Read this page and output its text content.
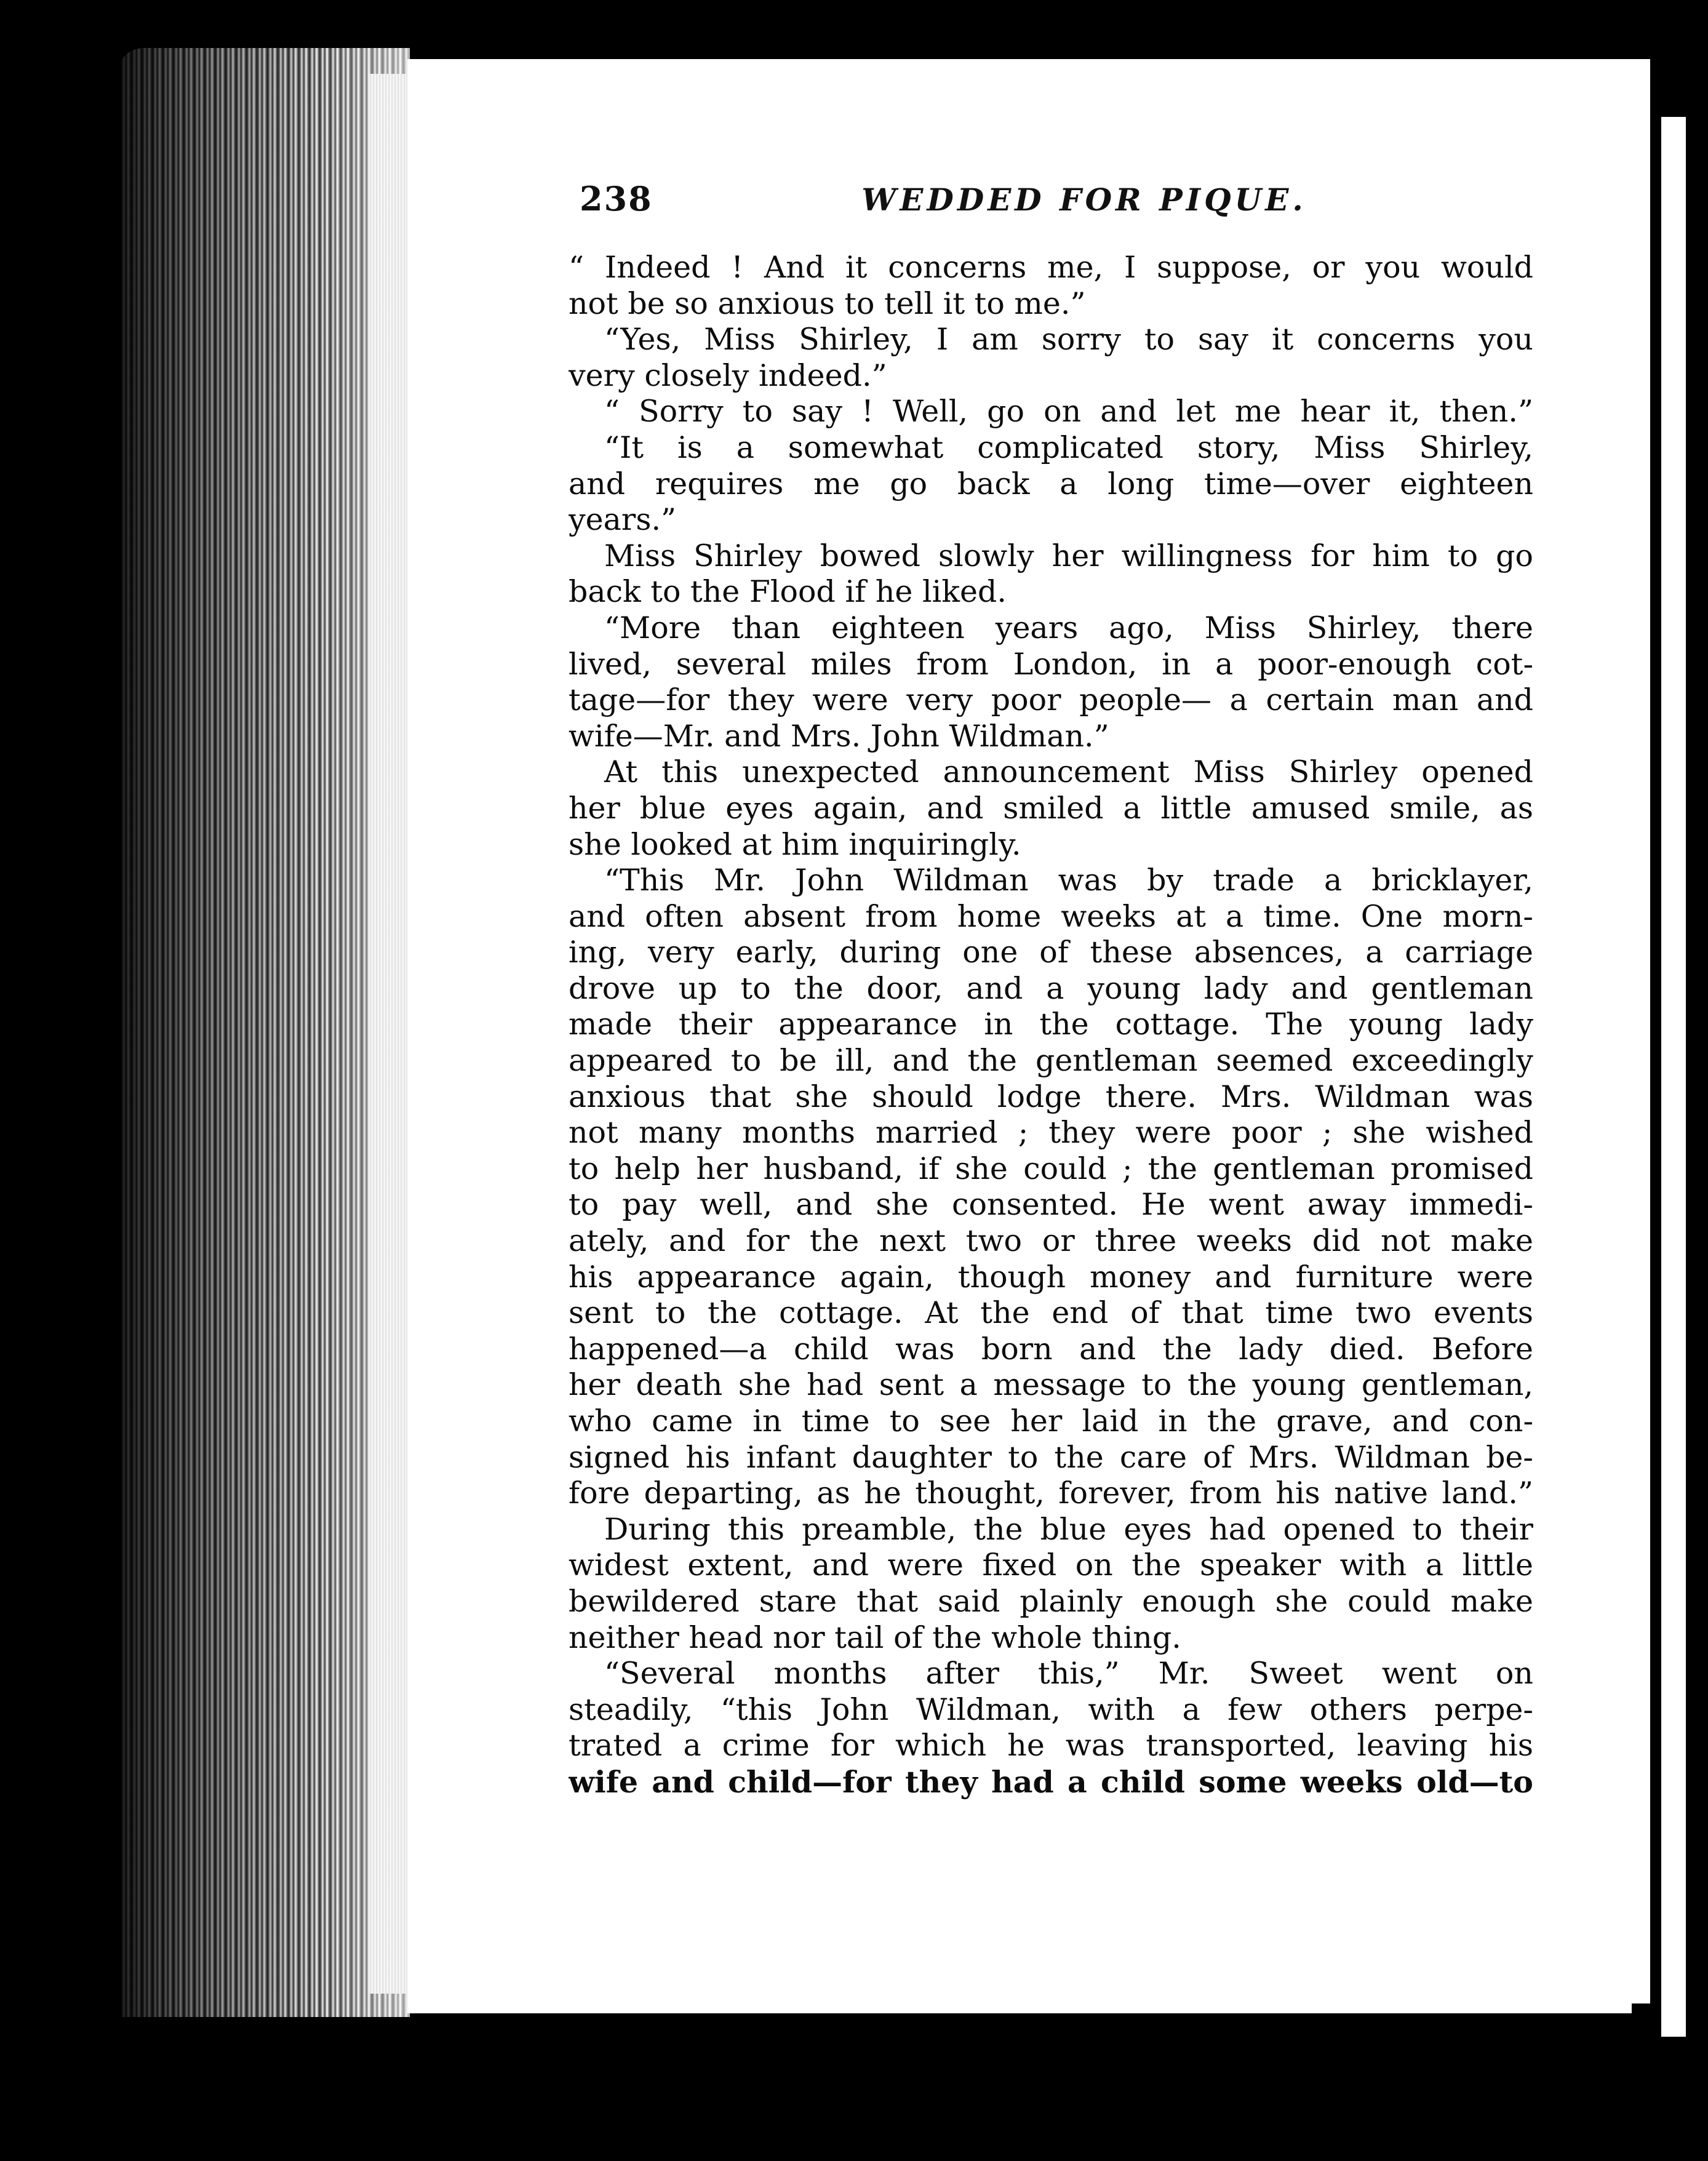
238	WEDDED FOR PIQUE.
“ Indeed ! And it concerns me, I suppose, or you would
not be so anxious to tell it to me.”
“Yes, Miss Shirley, I am sorry to say it concerns you
very closely indeed.”
“ Sorry to say ! Well, go on and let me hear it, then.”
“It is a somewhat complicated story, Miss Shirley,
and requires me go back a long time—over eighteen
years.”
Miss Shirley bowed slowly her willingness for him to go
back to the Flood if he liked.
“More than eighteen years ago, Miss Shirley, there
lived, several miles from London, in a poor-enough cot-
tage—for they were very poor people— a certain man and
wife—Mr. and Mrs. John Wildman.”
At this unexpected announcement Miss Shirley opened
her blue eyes again, and smiled a little amused smile, as
she looked at him inquiringly.
“This Mr. John Wildman was by trade a bricklayer,
and often absent from home weeks at a time. One morn-
ing, very early, during one of these absences, a carriage
drove up to the door, and a young lady and gentleman
made their appearance in the cottage. The young lady
appeared to be ill, and the gentleman seemed exceedingly
anxious that she should lodge there. Mrs. Wildman was
not many months married ; they were poor ; she wished
to help her husband, if she could ; the gentleman promised
to pay well, and she consented. He went away immedi-
ately, and for the next two or three weeks did not make
his appearance again, though money and furniture were
sent to the cottage. At the end of that time two events
happened—a child was born and the lady died. Before
her death she had sent a message to the young gentleman,
who came in time to see her laid in the grave, and con-
signed his infant daughter to the care of Mrs. Wildman be-
fore departing, as he thought, forever, from his native land.”
During this preamble, the blue eyes had opened to their
widest extent, and were fixed on the speaker with a little
bewildered stare that said plainly enough she could make
neither head nor tail of the whole thing.
“Several months after this,” Mr. Sweet went on
steadily, “this John Wildman, with a few others perpe-
trated a crime for which he was transported, leaving his
wife and child—for they had a child some weeks old—to
